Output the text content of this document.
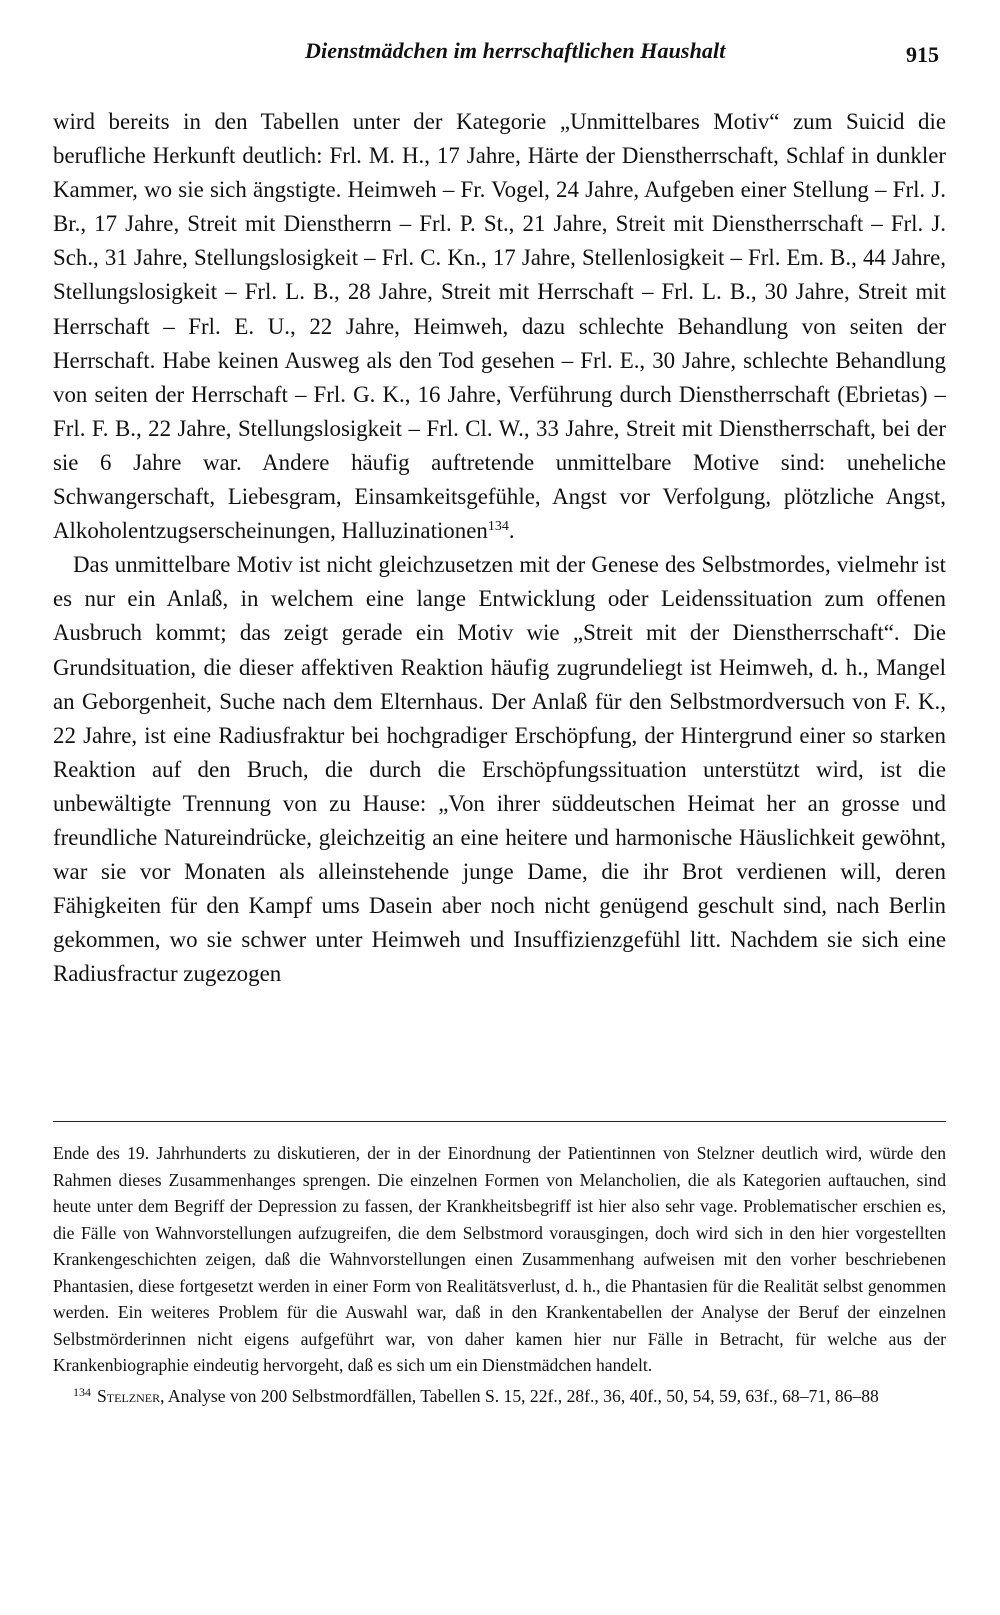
Dienstmädchen im herrschaftlichen Haushalt	915

wird bereits in den Tabellen unter der Kategorie „Unmittelbares Motiv“ zum Suicid die berufliche Herkunft deutlich: Frl. M. H., 17 Jahre, Härte der Dienstherrschaft, Schlaf in dunkler Kammer, wo sie sich ängstigte. Heimweh – Fr. Vogel, 24 Jahre, Aufgeben einer Stellung – Frl. J. Br., 17 Jahre, Streit mit Dienstherrn – Frl. P. St., 21 Jahre, Streit mit Dienstherrschaft – Frl. J. Sch., 31 Jahre, Stellungslosigkeit – Frl. C. Kn., 17 Jahre, Stellenlosigkeit – Frl. Em. B., 44 Jahre, Stellungslosigkeit – Frl. L. B., 28 Jahre, Streit mit Herrschaft – Frl. L. B., 30 Jahre, Streit mit Herrschaft – Frl. E. U., 22 Jahre, Heimweh, dazu schlechte Behandlung von seiten der Herrschaft. Habe keinen Ausweg als den Tod gesehen – Frl. E., 30 Jahre, schlechte Behandlung von seiten der Herrschaft – Frl. G. K., 16 Jahre, Verführung durch Dienstherrschaft (Ebrietas) – Frl. F. B., 22 Jahre, Stellungslosigkeit – Frl. Cl. W., 33 Jahre, Streit mit Dienstherrschaft, bei der sie 6 Jahre war. Andere häufig auftretende unmittelbare Motive sind: uneheliche Schwangerschaft, Liebesgram, Einsamkeitsgefühle, Angst vor Verfolgung, plötzliche Angst, Alkoholentzugserscheinungen, Halluzinationen$^{134}$.

Das unmittelbare Motiv ist nicht gleichzusetzen mit der Genese des Selbstmordes, vielmehr ist es nur ein Anlaß, in welchem eine lange Entwicklung oder Leidenssituation zum offenen Ausbruch kommt; das zeigt gerade ein Motiv wie „Streit mit der Dienstherrschaft“. Die Grundsituation, die dieser affektiven Reaktion häufig zugrundeliegt ist Heimweh, d. h., Mangel an Geborgenheit, Suche nach dem Elternhaus. Der Anlaß für den Selbstmordversuch von F. K., 22 Jahre, ist eine Radiusfraktur bei hochgradiger Erschöpfung, der Hintergrund einer so starken Reaktion auf den Bruch, die durch die Erschöpfungssituation unterstützt wird, ist die unbewältigte Trennung von zu Hause: „Von ihrer süddeutschen Heimat her an grosse und freundliche Natureindrücke, gleichzeitig an eine heitere und harmonische Häuslichkeit gewöhnt, war sie vor Monaten als alleinstehende junge Dame, die ihr Brot verdienen will, deren Fähigkeiten für den Kampf ums Dasein aber noch nicht genügend geschult sind, nach Berlin gekommen, wo sie schwer unter Heimweh und Insuffizienzgefühl litt. Nachdem sie sich eine Radiusfractur zugezogen

Ende des 19. Jahrhunderts zu diskutieren, der in der Einordnung der Patientinnen von Stelzner deutlich wird, würde den Rahmen dieses Zusammenhanges sprengen. Die einzelnen Formen von Melancholien, die als Kategorien auftauchen, sind heute unter dem Begriff der Depression zu fassen, der Krankheitsbegriff ist hier also sehr vage. Problematischer erschien es, die Fälle von Wahnvorstellungen aufzugreifen, die dem Selbstmord vorausgingen, doch wird sich in den hier vorgestellten Krankengeschichten zeigen, daß die Wahnvorstellungen einen Zusammenhang aufweisen mit den vorher beschriebenen Phantasien, diese fortgesetzt werden in einer Form von Realitätsverlust, d. h., die Phantasien für die Realität selbst genommen werden. Ein weiteres Problem für die Auswahl war, daß in den Krankentabellen der Analyse der Beruf der einzelnen Selbstmörderinnen nicht eigens aufgeführt war, von daher kamen hier nur Fälle in Betracht, für welche aus der Krankenbiographie eindeutig hervorgeht, daß es sich um ein Dienstmädchen handelt.

$^{134}$ Stelzner, Analyse von 200 Selbstmordfällen, Tabellen S. 15, 22f., 28f., 36, 40f., 50, 54, 59, 63f., 68–71, 86–88
